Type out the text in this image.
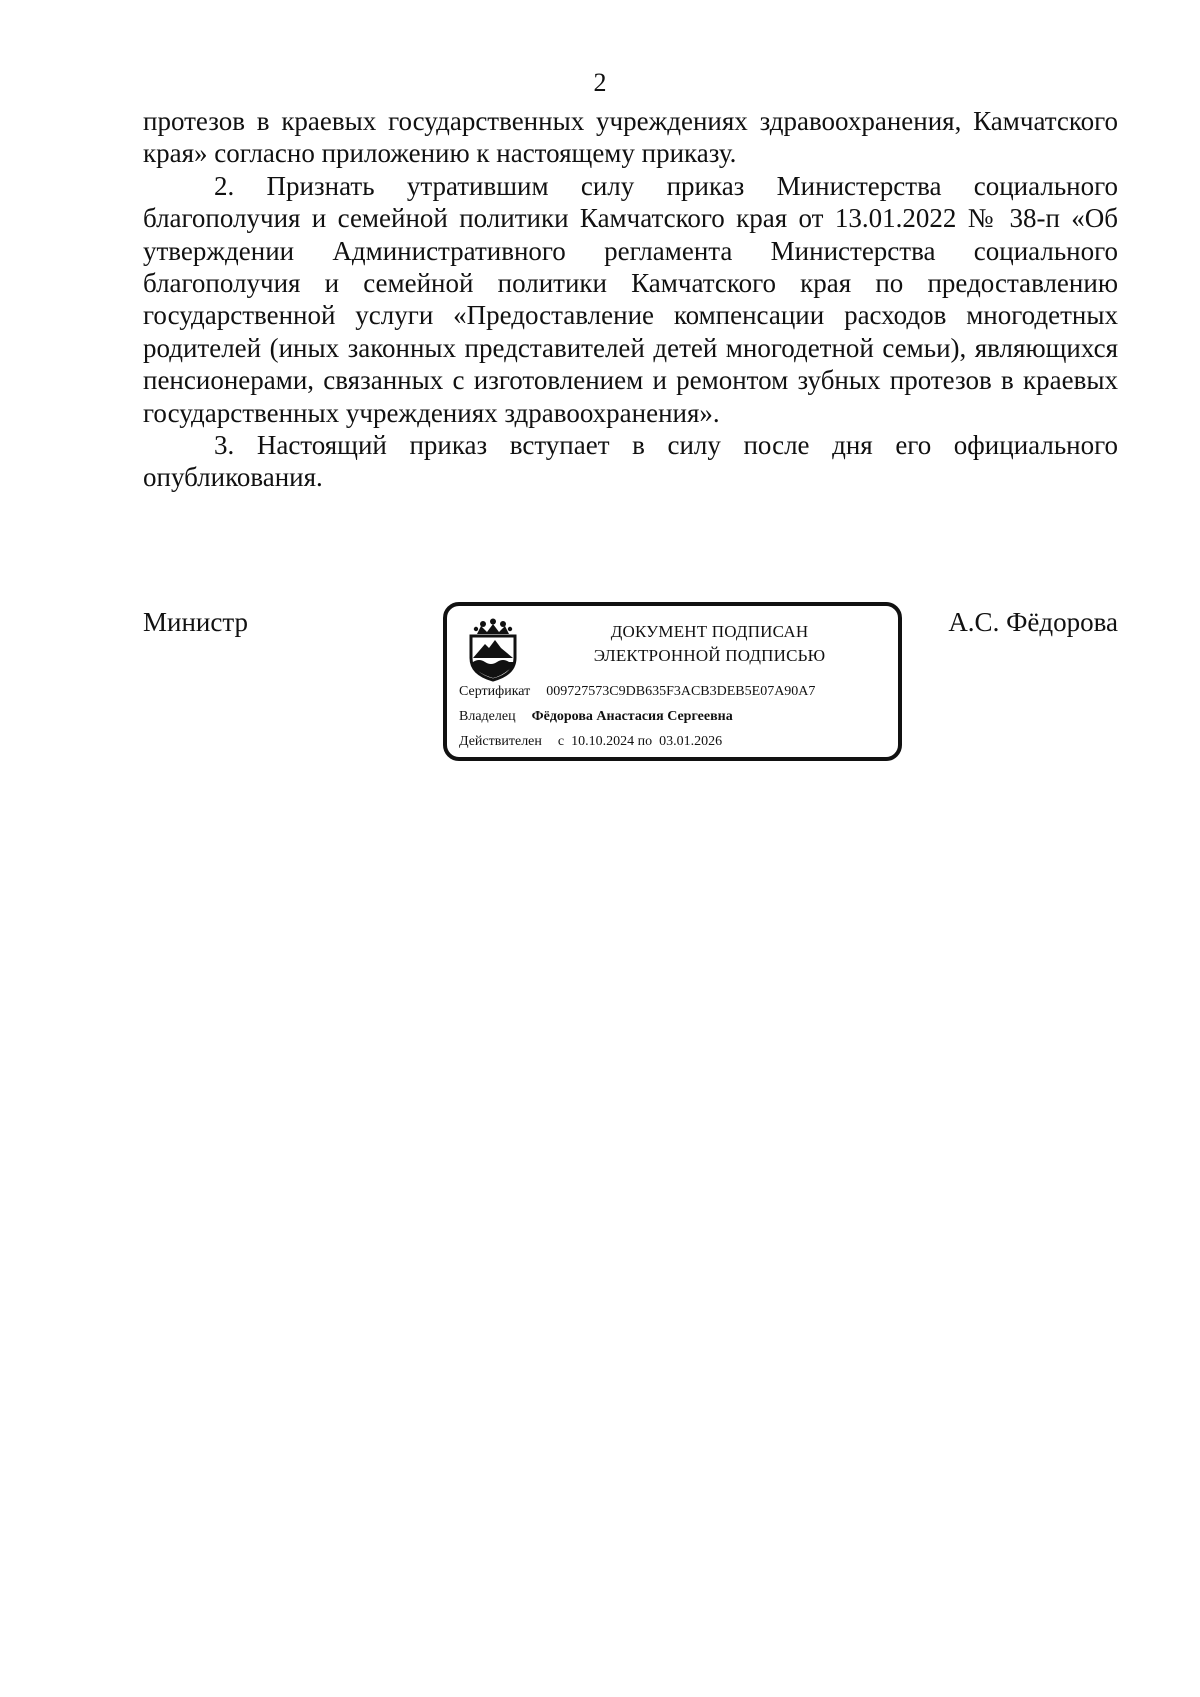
2

протезов в краевых государственных учреждениях здравоохранения, Камчатского края» согласно приложению к настоящему приказу.

2. Признать утратившим силу приказ Министерства социального благополучия и семейной политики Камчатского края от 13.01.2022 № 38-п «Об утверждении Административного регламента Министерства социального благополучия и семейной политики Камчатского края по предоставлению государственной услуги «Предоставление компенсации расходов многодетных родителей (иных законных представителей детей многодетной семьи), являющихся пенсионерами, связанных с изготовлением и ремонтом зубных протезов в краевых государственных учреждениях здравоохранения».

3. Настоящий приказ вступает в силу после дня его официального опубликования.

Министр	ДОКУМЕНТ ПОДПИСАН
ЭЛЕКТРОННОЙ ПОДПИСЬЮ
Сертификат 009727573C9DB635F3ACB3DEB5E07A90A7
Владелец Фёдорова Анастасия Сергеевна
Действителен с  10.10.2024 по  03.01.2026
А.С. Фёдорова
